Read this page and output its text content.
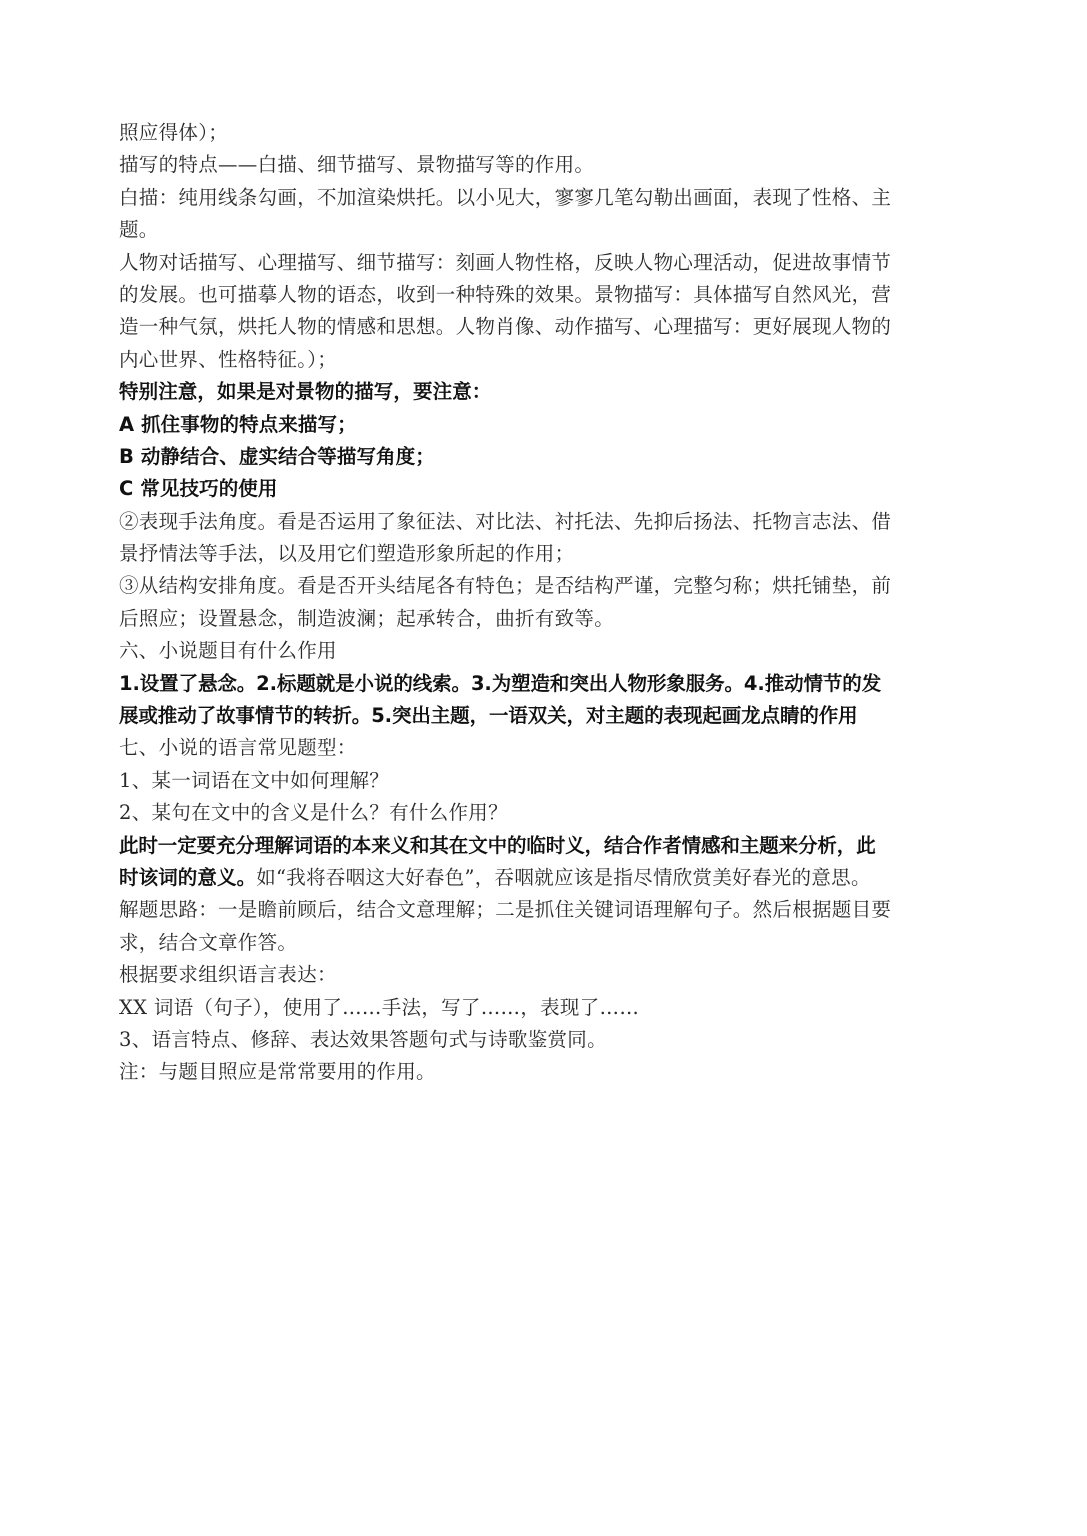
照应得体）；
描写的特点——白描、细节描写、景物描写等的作用。
白描：纯用线条勾画，不加渲染烘托。以小见大，寥寥几笔勾勒出画面，表现了性格、主
题。
人物对话描写、心理描写、细节描写：刻画人物性格，反映人物心理活动，促进故事情节
的发展。也可描摹人物的语态，收到一种特殊的效果。景物描写：具体描写自然风光，营
造一种气氛，烘托人物的情感和思想。人物肖像、动作描写、心理描写：更好展现人物的
内心世界、性格特征。）；
特别注意，如果是对景物的描写，要注意：
A 抓住事物的特点来描写；
B 动静结合、虚实结合等描写角度；
C 常见技巧的使用
②表现手法角度。看是否运用了象征法、对比法、衬托法、先抑后扬法、托物言志法、借
景抒情法等手法，以及用它们塑造形象所起的作用；
③从结构安排角度。看是否开头结尾各有特色；是否结构严谨，完整匀称；烘托铺垫，前
后照应；设置悬念，制造波澜；起承转合，曲折有致等。
六、小说题目有什么作用
1.设置了悬念。2.标题就是小说的线索。3.为塑造和突出人物形象服务。4.推动情节的发
展或推动了故事情节的转折。5.突出主题，一语双关，对主题的表现起画龙点睛的作用
七、小说的语言常见题型：
1、某一词语在文中如何理解？
2、某句在文中的含义是什么？有什么作用？
此时一定要充分理解词语的本来义和其在文中的临时义，结合作者情感和主题来分析，此
时该词的意义。如“我将吞咽这大好春色”，吞咽就应该是指尽情欣赏美好春光的意思。
解题思路：一是瞻前顾后，结合文意理解；二是抓住关键词语理解句子。然后根据题目要
求，结合文章作答。
根据要求组织语言表达：
XX 词语（句子），使用了……手法，写了……，表现了……
3、语言特点、修辞、表达效果答题句式与诗歌鉴赏同。
注：与题目照应是常常要用的作用。
